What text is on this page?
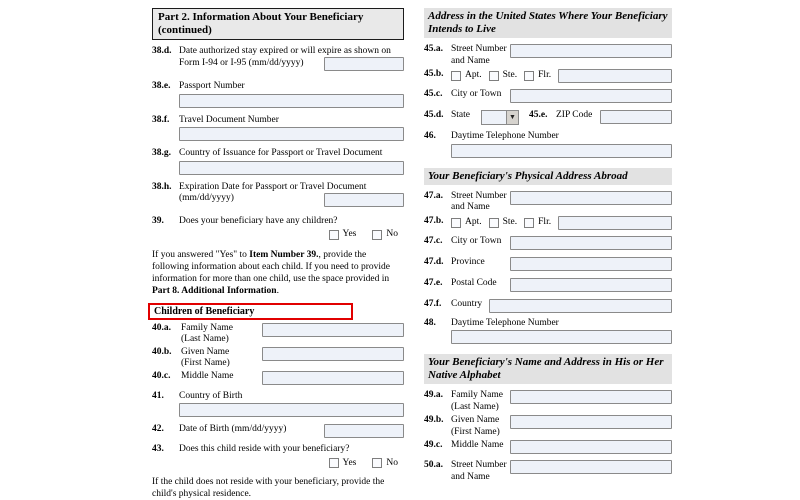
Part 2. Information About Your Beneficiary
(continued)
38.d. Date authorized stay expired or will expire as shown on Form I-94 or I-95 (mm/dd/yyyy)
38.e. Passport Number
38.f.	Travel Document Number
38.g. Country of Issuance for Passport or Travel Document
38.h. Expiration Date for Passport or Travel Document
(mm/dd/yyyy)
39.	Does your beneficiary have any children?
Yes	No

If you answered "Yes" to Item Number 39., provide the following information about each child. If you need to provide information for more than one child, use the space provided in Part 8. Additional Information.

Children of Beneficiary
40.a.	Family Name
(Last Name)
40.b. Given Name
(First Name)
40.c.	Middle Name
41.	Country of Birth
42.	Date of Birth (mm/dd/yyyy)
43.	Does this child reside with your beneficiary?
Yes	No

If the child does not reside with your beneficiary, provide the child's physical residence.

Address in the United States Where Your Beneficiary Intends to Live
45.a. Street Number
and Name
45.b.	Apt. Ste. Flr.
45.c. City or Town
45.d. State	▼	45.e. ZIP Code
46.	Daytime Telephone Number
Your Beneficiary's Physical Address Abroad
47.a. Street Number
and Name
47.b.	Apt. Ste. Flr.
47.c. City or Town
47.d. Province
47.e. Postal Code
47.f.	Country
48.	Daytime Telephone Number
Your Beneficiary's Name and Address in His or Her Native Alphabet
49.a. Family Name
(Last Name)
49.b. Given Name
(First Name)
49.c. Middle Name
50.a. Street Number
and Name
